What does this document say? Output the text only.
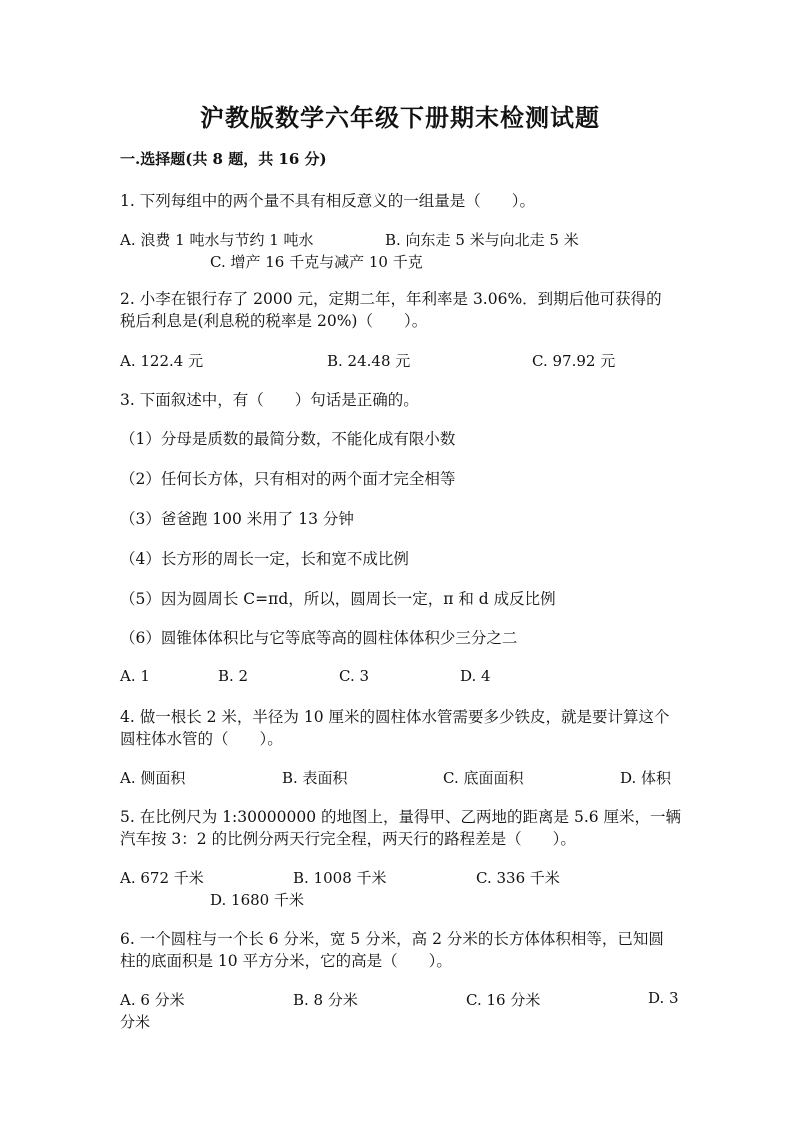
沪教版数学六年级下册期末检测试题
一.选择题(共 8 题，共 16 分)
1. 下列每组中的两个量不具有相反意义的一组量是（　　）。
A. 浪费 1 吨水与节约 1 吨水	B. 向东走 5 米与向北走 5 米
C. 增产 16 千克与减产 10 千克
2. 小李在银行存了 2000 元，定期二年，年利率是 3.06%．到期后他可获得的
税后利息是(利息税的税率是 20%)（　　）。
A. 122.4 元	B. 24.48 元	C. 97.92 元
3. 下面叙述中，有（　　）句话是正确的。
（1）分母是质数的最简分数，不能化成有限小数
（2）任何长方体，只有相对的两个面才完全相等
（3）爸爸跑 100 米用了 13 分钟
（4）长方形的周长一定，长和宽不成比例
（5）因为圆周长 C=πd，所以，圆周长一定，π 和 d 成反比例
（6）圆锥体体积比与它等底等高的圆柱体体积少三分之二
A. 1	B. 2	C. 3	D. 4
4. 做一根长 2 米，半径为 10 厘米的圆柱体水管需要多少铁皮，就是要计算这个
圆柱体水管的（　　）。
A. 侧面积	B. 表面积	C. 底面面积	D. 体积
5. 在比例尺为 1:30000000 的地图上，量得甲、乙两地的距离是 5.6 厘米，一辆
汽车按 3：2 的比例分两天行完全程，两天行的路程差是（　　）。
A. 672 千米	B. 1008 千米	C. 336 千米
D. 1680 千米
6. 一个圆柱与一个长 6 分米，宽 5 分米，高 2 分米的长方体体积相等，已知圆
柱的底面积是 10 平方分米，它的高是（　　）。
A. 6 分米	B. 8 分米	C. 16 分米	D. 3
分米
